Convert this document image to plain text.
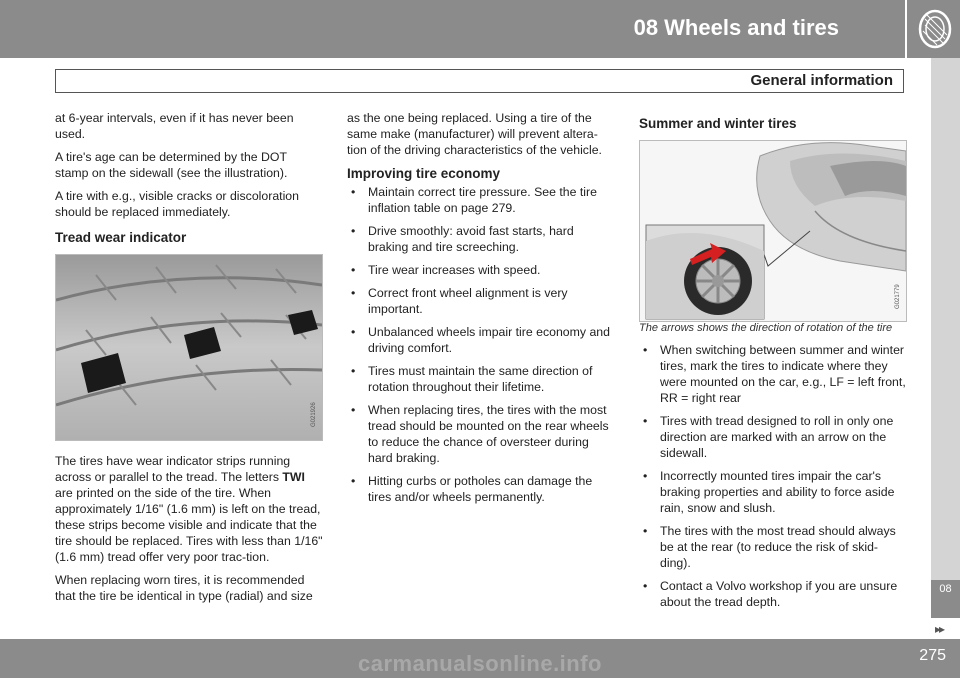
08 Wheels and tires
General information
08
▸▸
carmanualsonline.info	275

at 6-year intervals, even if it has never been used.

A tire's age can be determined by the DOT stamp on the sidewall (see the illustration).

A tire with e.g., visible cracks or discoloration should be replaced immediately.

Tread wear indicator
G021926

The tires have wear indicator strips running across or parallel to the tread. The letters TWI are printed on the side of the tire. When approximately 1/16" (1.6 mm) is left on the tread, these strips become visible and indicate that the tire should be replaced. Tires with less than 1/16" (1.6 mm) tread offer very poor trac-tion.

When replacing worn tires, it is recommended that the tire be identical in type (radial) and size

as the one being replaced. Using a tire of the same make (manufacturer) will prevent altera-tion of the driving characteristics of the vehicle.

Improving tire economy
• Maintain correct tire pressure. See the tire inflation table on page 279.
• Drive smoothly: avoid fast starts, hard braking and tire screeching.
• Tire wear increases with speed.
• Correct front wheel alignment is very important.
• Unbalanced wheels impair tire economy and driving comfort.
• Tires must maintain the same direction of rotation throughout their lifetime.
• When replacing tires, the tires with the most tread should be mounted on the rear wheels to reduce the chance of oversteer during hard braking.
• Hitting curbs or potholes can damage the tires and/or wheels permanently.
Summer and winter tires
G021779

The arrows shows the direction of rotation of the tire

• When switching between summer and winter tires, mark the tires to indicate where they were mounted on the car, e.g., LF = left front, RR = right rear
• Tires with tread designed to roll in only one direction are marked with an arrow on the sidewall.
• Incorrectly mounted tires impair the car's braking properties and ability to force aside rain, snow and slush.
• The tires with the most tread should always be at the rear (to reduce the risk of skid-ding).
• Contact a Volvo workshop if you are unsure about the tread depth.
